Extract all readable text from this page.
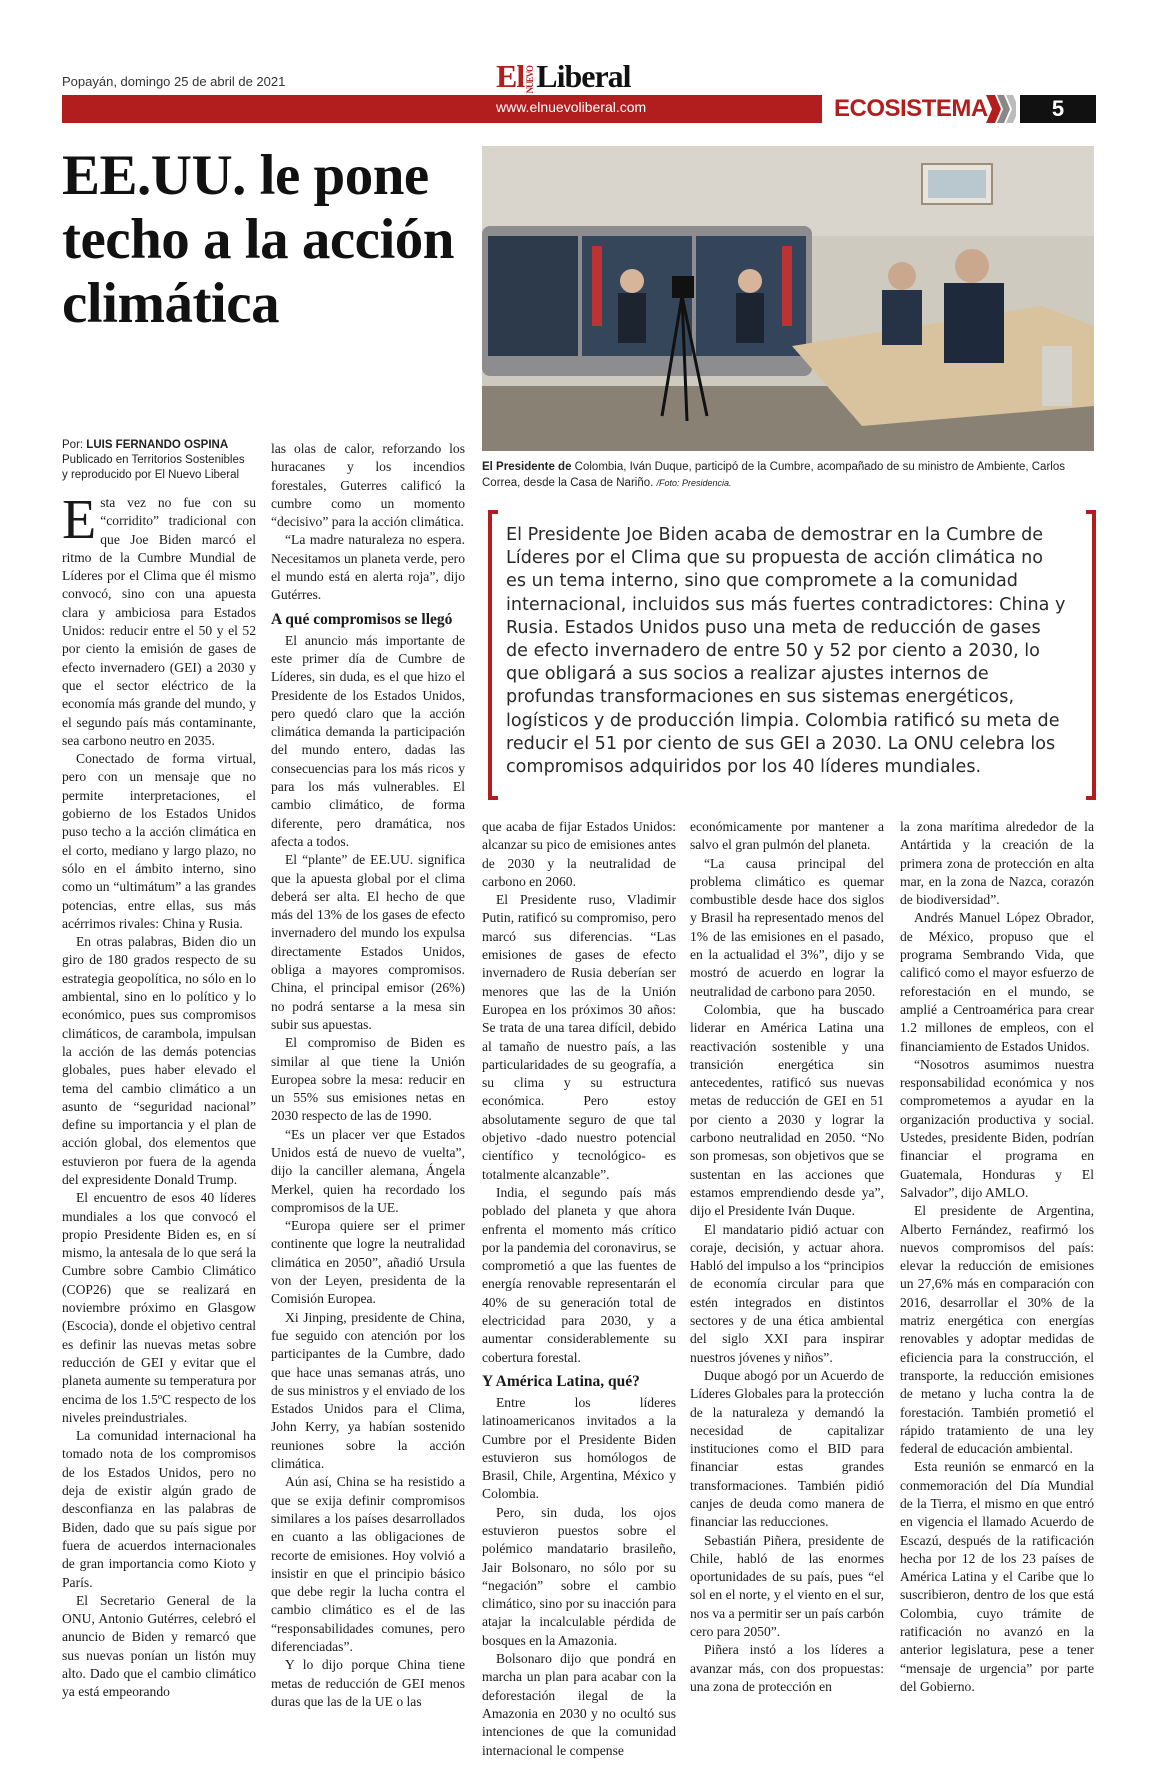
Popayán, domingo 25 de abril de 2021	ElNUEVOLiberal
www.elnuevoliberal.com	ECOSISTEMA	5
EE.UU. le pone techo a la acción climática
El Presidente de Colombia, Iván Duque, participó de la Cumbre, acompañado de su ministro de Ambiente, Carlos Correa, desde la Casa de Nariño. /Foto: Presidencia.
El Presidente Joe Biden acaba de demostrar en la Cumbre de Líderes por el Clima que su propuesta de acción climática no es un tema interno, sino que compromete a la comunidad internacional, incluidos sus más fuertes contradictores: China y Rusia. Estados Unidos puso una meta de reducción de gases de efecto invernadero de entre 50 y 52 por ciento a 2030, lo que obligará a sus socios a realizar ajustes internos de profundas transformaciones en sus sistemas energéticos, logísticos y de producción limpia. Colombia ratificó su meta de reducir el 51 por ciento de sus GEI a 2030. La ONU celebra los compromisos adquiridos por los 40 líderes mundiales.
Por: LUIS FERNANDO OSPINA
Publicado en Territorios Sostenibles y reproducido por El Nuevo Liberal

Esta vez no fue con su “corridito” tradicional con que Joe Biden marcó el ritmo de la Cumbre Mundial de Líderes por el Clima que él mismo convocó, sino con una apuesta clara y ambiciosa para Estados Unidos: reducir entre el 50 y el 52 por ciento la emisión de gases de efecto invernadero (GEI) a 2030 y que el sector eléctrico de la economía más grande del mundo, y el segundo país más contaminante, sea carbono neutro en 2035.

Conectado de forma virtual, pero con un mensaje que no permite interpretaciones, el gobierno de los Estados Unidos puso techo a la acción climática en el corto, mediano y largo plazo, no sólo en el ámbito interno, sino como un “ultimátum” a las grandes potencias, entre ellas, sus más acérrimos rivales: China y Rusia.

En otras palabras, Biden dio un giro de 180 grados respecto de su estrategia geopolítica, no sólo en lo ambiental, sino en lo político y lo económico, pues sus compromisos climáticos, de carambola, impulsan la acción de las demás potencias globales, pues haber elevado el tema del cambio climático a un asunto de “seguridad nacional” define su importancia y el plan de acción global, dos elementos que estuvieron por fuera de la agenda del expresidente Donald Trump.

El encuentro de esos 40 líderes mundiales a los que convocó el propio Presidente Biden es, en sí mismo, la antesala de lo que será la Cumbre sobre Cambio Climático (COP26) que se realizará en noviembre próximo en Glasgow (Escocia), donde el objetivo central es definir las nuevas metas sobre reducción de GEI y evitar que el planeta aumente su temperatura por encima de los 1.5ºC respecto de los niveles preindustriales.

La comunidad internacional ha tomado nota de los compromisos de los Estados Unidos, pero no deja de existir algún grado de desconfianza en las palabras de Biden, dado que su país sigue por fuera de acuerdos internacionales de gran importancia como Kioto y París.

El Secretario General de la ONU, Antonio Gutérres, celebró el anuncio de Biden y remarcó que sus nuevas ponían un listón muy alto. Dado que el cambio climático ya está empeorando

las olas de calor, reforzando los huracanes y los incendios forestales, Guterres calificó la cumbre como un momento “decisivo” para la acción climática.

“La madre naturaleza no espera. Necesitamos un planeta verde, pero el mundo está en alerta roja”, dijo Gutérres.

A qué compromisos se llegó

El anuncio más importante de este primer día de Cumbre de Líderes, sin duda, es el que hizo el Presidente de los Estados Unidos, pero quedó claro que la acción climática demanda la participación del mundo entero, dadas las consecuencias para los más ricos y para los más vulnerables. El cambio climático, de forma diferente, pero dramática, nos afecta a todos.

El “plante” de EE.UU. significa que la apuesta global por el clima deberá ser alta. El hecho de que más del 13% de los gases de efecto invernadero del mundo los expulsa directamente Estados Unidos, obliga a mayores compromisos. China, el principal emisor (26%) no podrá sentarse a la mesa sin subir sus apuestas.

El compromiso de Biden es similar al que tiene la Unión Europea sobre la mesa: reducir en un 55% sus emisiones netas en 2030 respecto de las de 1990.

“Es un placer ver que Estados Unidos está de nuevo de vuelta”, dijo la canciller alemana, Ángela Merkel, quien ha recordado los compromisos de la UE.

“Europa quiere ser el primer continente que logre la neutralidad climática en 2050”, añadió Ursula von der Leyen, presidenta de la Comisión Europea.

Xi Jinping, presidente de China, fue seguido con atención por los participantes de la Cumbre, dado que hace unas semanas atrás, uno de sus ministros y el enviado de los Estados Unidos para el Clima, John Kerry, ya habían sostenido reuniones sobre la acción climática.

Aún así, China se ha resistido a que se exija definir compromisos similares a los países desarrollados en cuanto a las obligaciones de recorte de emisiones. Hoy volvió a insistir en que el principio básico que debe regir la lucha contra el cambio climático es el de las “responsabilidades comunes, pero diferenciadas”.

Y lo dijo porque China tiene metas de reducción de GEI menos duras que las de la UE o las

que acaba de fijar Estados Unidos: alcanzar su pico de emisiones antes de 2030 y la neutralidad de carbono en 2060.

El Presidente ruso, Vladimir Putin, ratificó su compromiso, pero marcó sus diferencias. “Las emisiones de gases de efecto invernadero de Rusia deberían ser menores que las de la Unión Europea en los próximos 30 años: Se trata de una tarea difícil, debido al tamaño de nuestro país, a las particularidades de su geografía, a su clima y su estructura económica. Pero estoy absolutamente seguro de que tal objetivo -dado nuestro potencial científico y tecnológico- es totalmente alcanzable”.

India, el segundo país más poblado del planeta y que ahora enfrenta el momento más crítico por la pandemia del coronavirus, se comprometió a que las fuentes de energía renovable representarán el 40% de su generación total de electricidad para 2030, y a aumentar considerablemente su cobertura forestal.

Y América Latina, qué?

Entre los líderes latinoamericanos invitados a la Cumbre por el Presidente Biden estuvieron sus homólogos de Brasil, Chile, Argentina, México y Colombia.

Pero, sin duda, los ojos estuvieron puestos sobre el polémico mandatario brasileño, Jair Bolsonaro, no sólo por su “negación” sobre el cambio climático, sino por su inacción para atajar la incalculable pérdida de bosques en la Amazonia.

Bolsonaro dijo que pondrá en marcha un plan para acabar con la deforestación ilegal de la Amazonia en 2030 y no ocultó sus intenciones de que la comunidad internacional le compense

económicamente por mantener a salvo el gran pulmón del planeta.

“La causa principal del problema climático es quemar combustible desde hace dos siglos y Brasil ha representado menos del 1% de las emisiones en el pasado, en la actualidad el 3%”, dijo y se mostró de acuerdo en lograr la neutralidad de carbono para 2050.

Colombia, que ha buscado liderar en América Latina una reactivación sostenible y una transición energética sin antecedentes, ratificó sus nuevas metas de reducción de GEI en 51 por ciento a 2030 y lograr la carbono neutralidad en 2050. “No son promesas, son objetivos que se sustentan en las acciones que estamos emprendiendo desde ya”, dijo el Presidente Iván Duque.

El mandatario pidió actuar con coraje, decisión, y actuar ahora. Habló del impulso a los “principios de economía circular para que estén integrados en distintos sectores y de una ética ambiental del siglo XXI para inspirar nuestros jóvenes y niños”.

Duque abogó por un Acuerdo de Líderes Globales para la protección de la naturaleza y demandó la necesidad de capitalizar instituciones como el BID para financiar estas grandes transformaciones. También pidió canjes de deuda como manera de financiar las reducciones.

Sebastián Piñera, presidente de Chile, habló de las enormes oportunidades de su país, pues “el sol en el norte, y el viento en el sur, nos va a permitir ser un país carbón cero para 2050”.

Piñera instó a los líderes a avanzar más, con dos propuestas: una zona de protección en

la zona marítima alrededor de la Antártida y la creación de la primera zona de protección en alta mar, en la zona de Nazca, corazón de biodiversidad”.

Andrés Manuel López Obrador, de México, propuso que el programa Sembrando Vida, que calificó como el mayor esfuerzo de reforestación en el mundo, se amplié a Centroamérica para crear 1.2 millones de empleos, con el financiamiento de Estados Unidos.

“Nosotros asumimos nuestra responsabilidad económica y nos comprometemos a ayudar en la organización productiva y social. Ustedes, presidente Biden, podrían financiar el programa en Guatemala, Honduras y El Salvador”, dijo AMLO.

El presidente de Argentina, Alberto Fernández, reafirmó los nuevos compromisos del país: elevar la reducción de emisiones un 27,6% más en comparación con 2016, desarrollar el 30% de la matriz energética con energías renovables y adoptar medidas de eficiencia para la construcción, el transporte, la reducción emisiones de metano y lucha contra la de forestación. También prometió el rápido tratamiento de una ley federal de educación ambiental.

Esta reunión se enmarcó en la conmemoración del Día Mundial de la Tierra, el mismo en que entró en vigencia el llamado Acuerdo de Escazú, después de la ratificación hecha por 12 de los 23 países de América Latina y el Caribe que lo suscribieron, dentro de los que está Colombia, cuyo trámite de ratificación no avanzó en la anterior legislatura, pese a tener “mensaje de urgencia” por parte del Gobierno.
